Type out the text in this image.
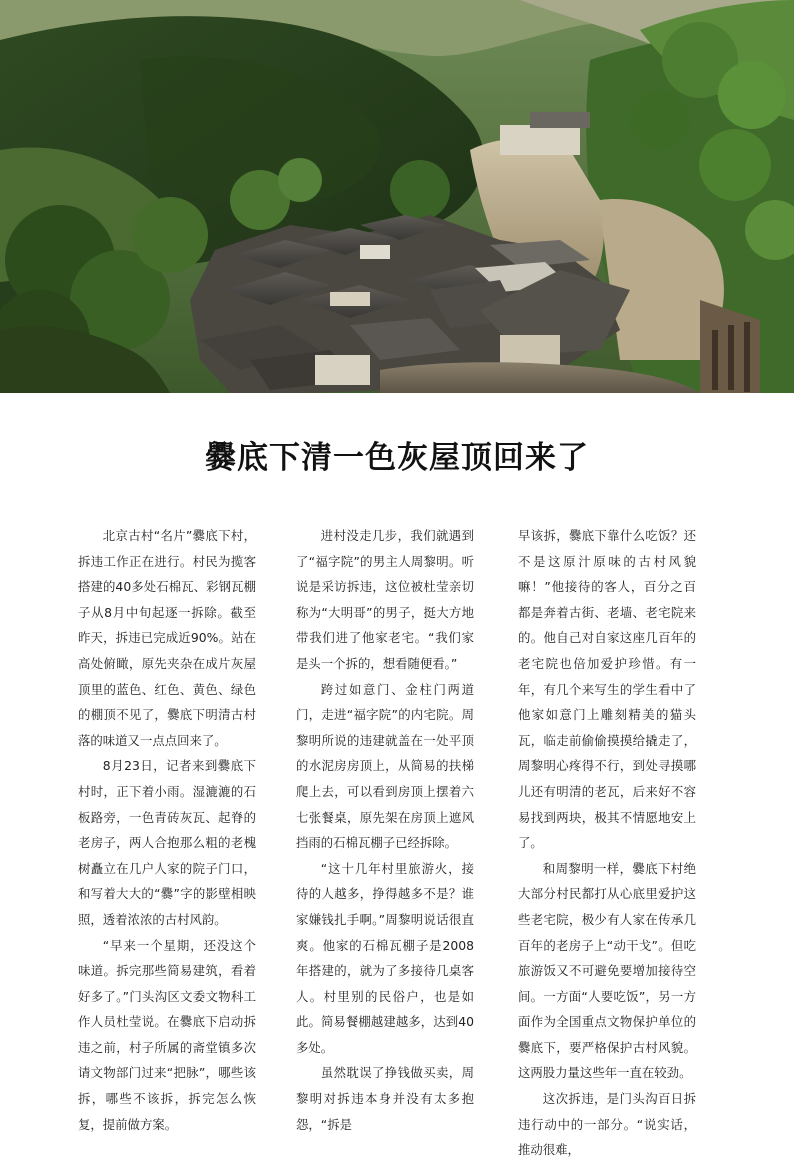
爨底下清一色灰屋顶回来了

北京古村“名片”爨底下村，拆违工作正在进行。村民为揽客搭建的40多处石棉瓦、彩钢瓦棚子从8月中旬起逐一拆除。截至昨天，拆违已完成近90%。站在高处俯瞰，原先夹杂在成片灰屋顶里的蓝色、红色、黄色、绿色的棚顶不见了，爨底下明清古村落的味道又一点点回来了。

8月23日，记者来到爨底下村时，正下着小雨。湿漉漉的石板路旁，一色青砖灰瓦、起脊的老房子，两人合抱那么粗的老槐树矗立在几户人家的院子门口，和写着大大的“爨”字的影壁相映照，透着浓浓的古村风韵。

“早来一个星期，还没这个味道。拆完那些简易建筑，看着好多了。”门头沟区文委文物科工作人员杜莹说。在爨底下启动拆违之前，村子所属的斋堂镇多次请文物部门过来“把脉”，哪些该拆，哪些不该拆，拆完怎么恢复，提前做方案。

进村没走几步，我们就遇到了“福字院”的男主人周黎明。听说是采访拆违，这位被杜莹亲切称为“大明哥”的男子，挺大方地带我们进了他家老宅。“我们家是头一个拆的，想看随便看。”

跨过如意门、金柱门两道门，走进“福字院”的内宅院。周黎明所说的违建就盖在一处平顶的水泥房房顶上，从简易的扶梯爬上去，可以看到房顶上摆着六七张餐桌，原先架在房顶上遮风挡雨的石棉瓦棚子已经拆除。

“这十几年村里旅游火，接待的人越多，挣得越多不是？谁家嫌钱扎手啊。”周黎明说话很直爽。他家的石棉瓦棚子是2008年搭建的，就为了多接待几桌客人。村里别的民俗户，也是如此。简易餐棚越建越多，达到40多处。

虽然耽误了挣钱做买卖，周黎明对拆违本身并没有太多抱怨，“拆是

早该拆，爨底下靠什么吃饭？还不是这原汁原味的古村风貌嘛！”他接待的客人，百分之百都是奔着古街、老墙、老宅院来的。他自己对自家这座几百年的老宅院也倍加爱护珍惜。有一年，有几个来写生的学生看中了他家如意门上雕刻精美的猫头瓦，临走前偷偷摸摸给撬走了，周黎明心疼得不行，到处寻摸哪儿还有明清的老瓦，后来好不容易找到两块，极其不情愿地安上了。

和周黎明一样，爨底下村绝大部分村民都打从心底里爱护这些老宅院，极少有人家在传承几百年的老房子上“动干戈”。但吃旅游饭又不可避免要增加接待空间。一方面“人要吃饭”，另一方面作为全国重点文物保护单位的爨底下，要严格保护古村风貌。这两股力量这些年一直在较劲。

这次拆违，是门头沟百日拆违行动中的一部分。“说实话，推动很难，
